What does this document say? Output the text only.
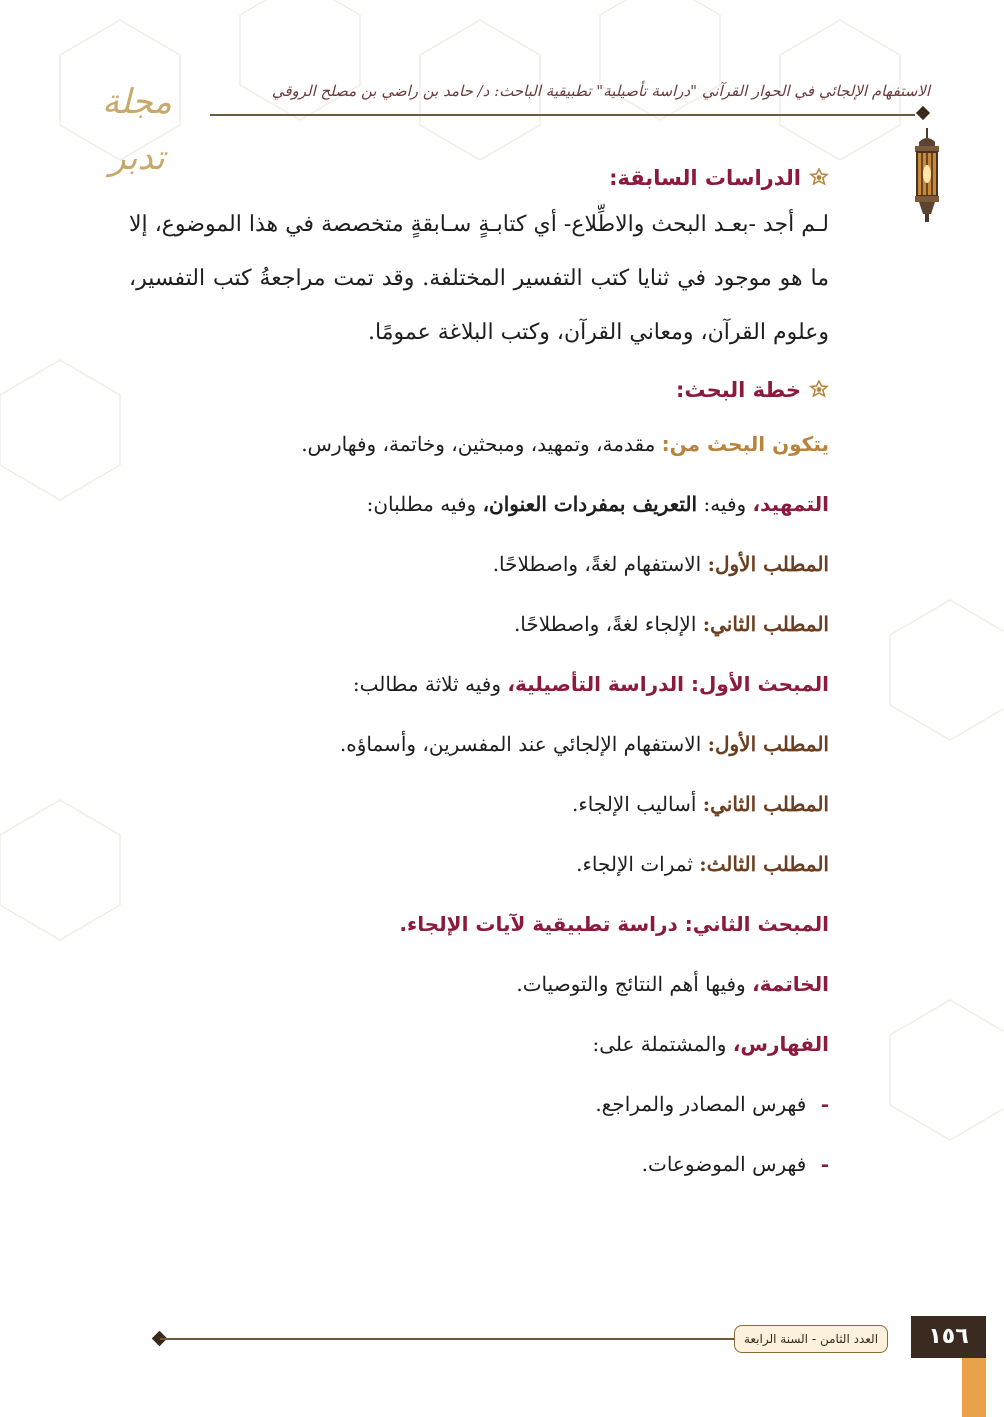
مجلة تدبر
الاستفهام الإلجائي في الحوار القرآني "دراسة تأصيلية" تطبيقية الباحث: د/ حامد بن راضي بن مصلح الروقي
الدراسات السابقة:

لـم أجد -بعـد البحث والاطِّلاع- أي كتابـةٍ سـابقةٍ متخصصة في هذا الموضوع، إلا ما هو موجود في ثنايا كتب التفسير المختلفة. وقد تمت مراجعةُ كتب التفسير، وعلوم القرآن، ومعاني القرآن، وكتب البلاغة عمومًا.

خطة البحث:

يتكون البحث من: مقدمة، وتمهيد، ومبحثين، وخاتمة، وفهارس.

التمهيد، وفيه: التعريف بمفردات العنوان، وفيه مطلبان:

المطلب الأول: الاستفهام لغةً، واصطلاحًا.

المطلب الثاني: الإلجاء لغةً، واصطلاحًا.

المبحث الأول: الدراسة التأصيلية، وفيه ثلاثة مطالب:

المطلب الأول: الاستفهام الإلجائي عند المفسرين، وأسماؤه.

المطلب الثاني: أساليب الإلجاء.

المطلب الثالث: ثمرات الإلجاء.

المبحث الثاني: دراسة تطبيقية لآيات الإلجاء.

الخاتمة، وفيها أهم النتائج والتوصيات.

الفهارس، والمشتملة على:

- فهرس المصادر والمراجع.

- فهرس الموضوعات.

العدد الثامن - السنة الرابعة	١٥٦
